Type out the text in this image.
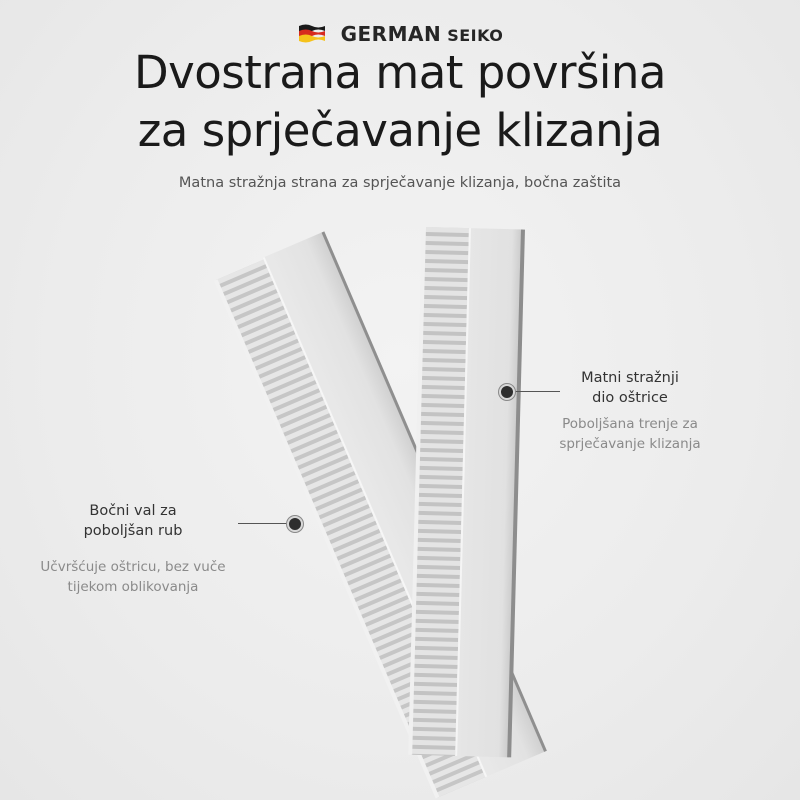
GERMAN SEIKO
Dvostrana mat površina
za sprječavanje klizanja
Matna stražnja strana za sprječavanje klizanja, bočna zaštita
Matni stražnji
dio oštrice
Poboljšana trenje za
sprječavanje klizanja
Bočni val za
poboljšan rub
Učvršćuje oštricu, bez vuče
tijekom oblikovanja
